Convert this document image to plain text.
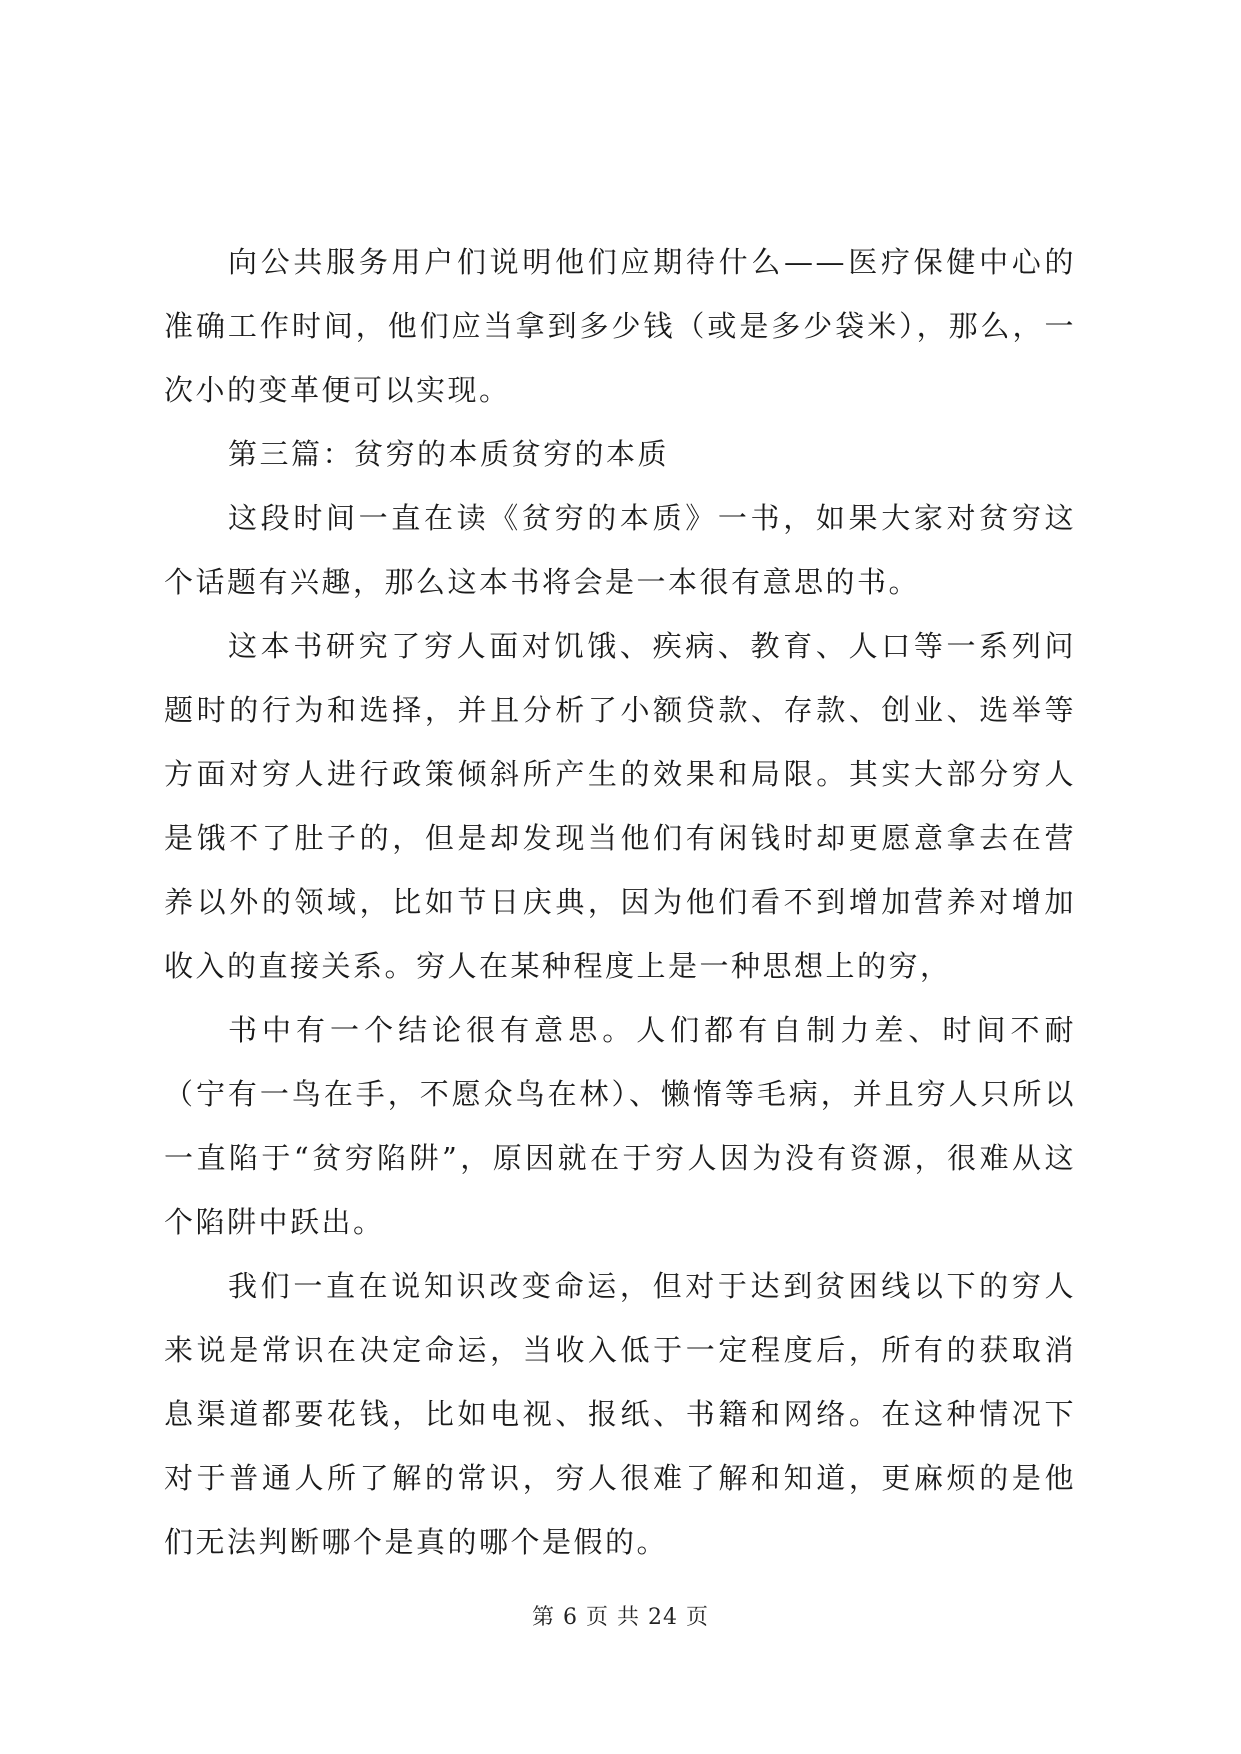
向公共服务用户们说明他们应期待什么——医疗保健中心的准确工作时间，他们应当拿到多少钱（或是多少袋米），那么，一次小的变革便可以实现。

第三篇：贫穷的本质贫穷的本质

这段时间一直在读《贫穷的本质》一书，如果大家对贫穷这个话题有兴趣，那么这本书将会是一本很有意思的书。

这本书研究了穷人面对饥饿、疾病、教育、人口等一系列问题时的行为和选择，并且分析了小额贷款、存款、创业、选举等方面对穷人进行政策倾斜所产生的效果和局限。其实大部分穷人是饿不了肚子的，但是却发现当他们有闲钱时却更愿意拿去在营养以外的领域，比如节日庆典，因为他们看不到增加营养对增加收入的直接关系。穷人在某种程度上是一种思想上的穷，

书中有一个结论很有意思。人们都有自制力差、时间不耐（宁有一鸟在手，不愿众鸟在林）、懒惰等毛病，并且穷人只所以一直陷于“贫穷陷阱”，原因就在于穷人因为没有资源，很难从这个陷阱中跃出。

我们一直在说知识改变命运，但对于达到贫困线以下的穷人来说是常识在决定命运，当收入低于一定程度后，所有的获取消息渠道都要花钱，比如电视、报纸、书籍和网络。在这种情况下对于普通人所了解的常识，穷人很难了解和知道，更麻烦的是他们无法判断哪个是真的哪个是假的。

第 6 页 共 24 页
